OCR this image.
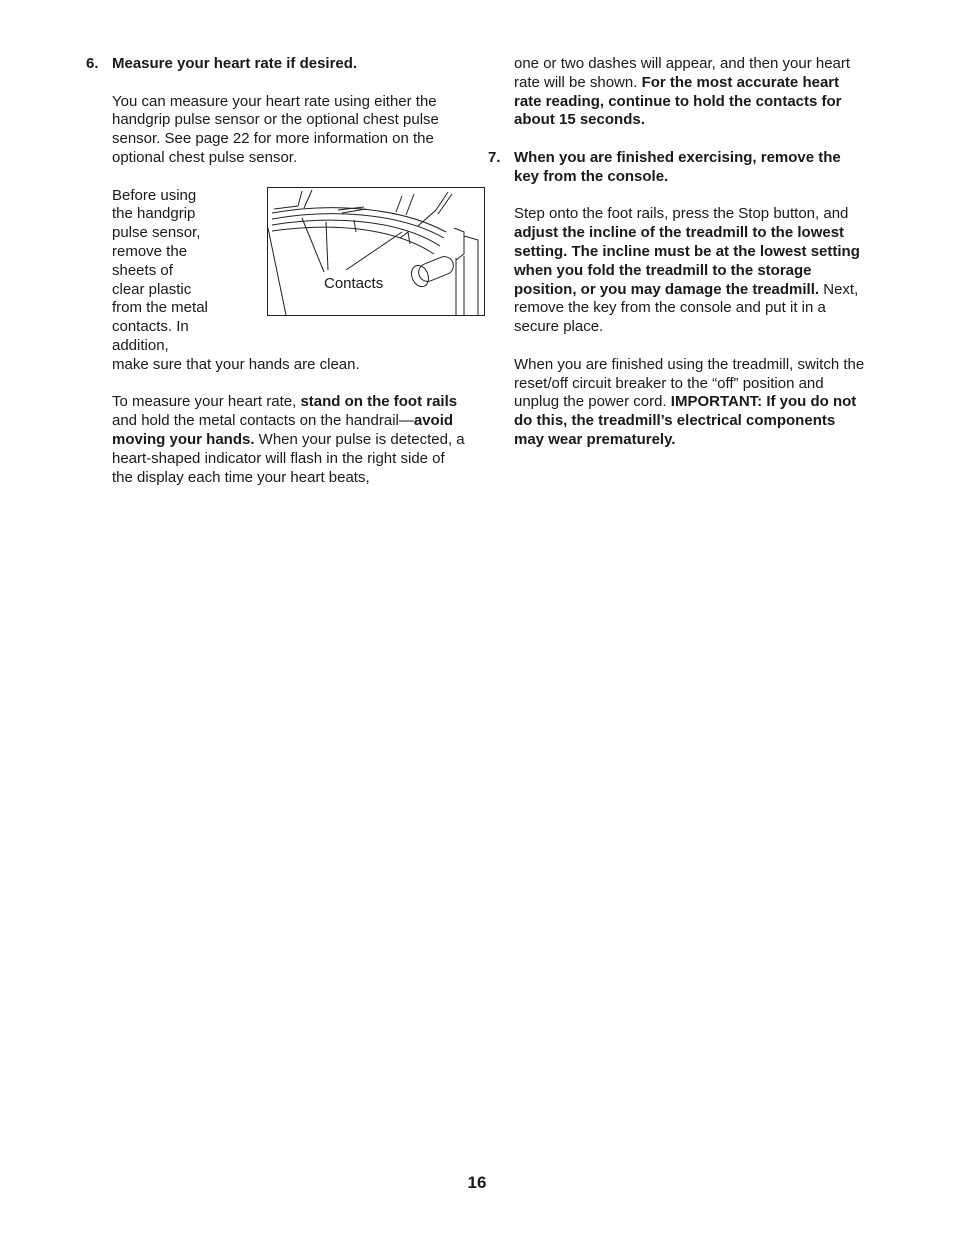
6. Measure your heart rate if desired.

You can measure your heart rate using either the handgrip pulse sensor or the optional chest pulse sensor. See page 22 for more information on the optional chest pulse sensor.

Before using
the handgrip
pulse sensor,
remove the
sheets of
clear plastic
from the metal
contacts. In
addition,

make sure that your hands are clean.

Contacts

To measure your heart rate, stand on the foot rails and hold the metal contacts on the handrail—avoid moving your hands. When your pulse is detected, a heart-shaped indicator will flash in the right side of the display each time your heart beats,

one or two dashes will appear, and then your heart rate will be shown. For the most accurate heart rate reading, continue to hold the contacts for about 15 seconds.

7. When you are finished exercising, remove the key from the console.

Step onto the foot rails, press the Stop button, and adjust the incline of the treadmill to the lowest setting. The incline must be at the lowest setting when you fold the treadmill to the storage position, or you may damage the treadmill. Next, remove the key from the console and put it in a secure place.

When you are finished using the treadmill, switch the reset/off circuit breaker to the “off” position and unplug the power cord. IMPORTANT: If you do not do this, the treadmill’s electrical components may wear prematurely.

16
